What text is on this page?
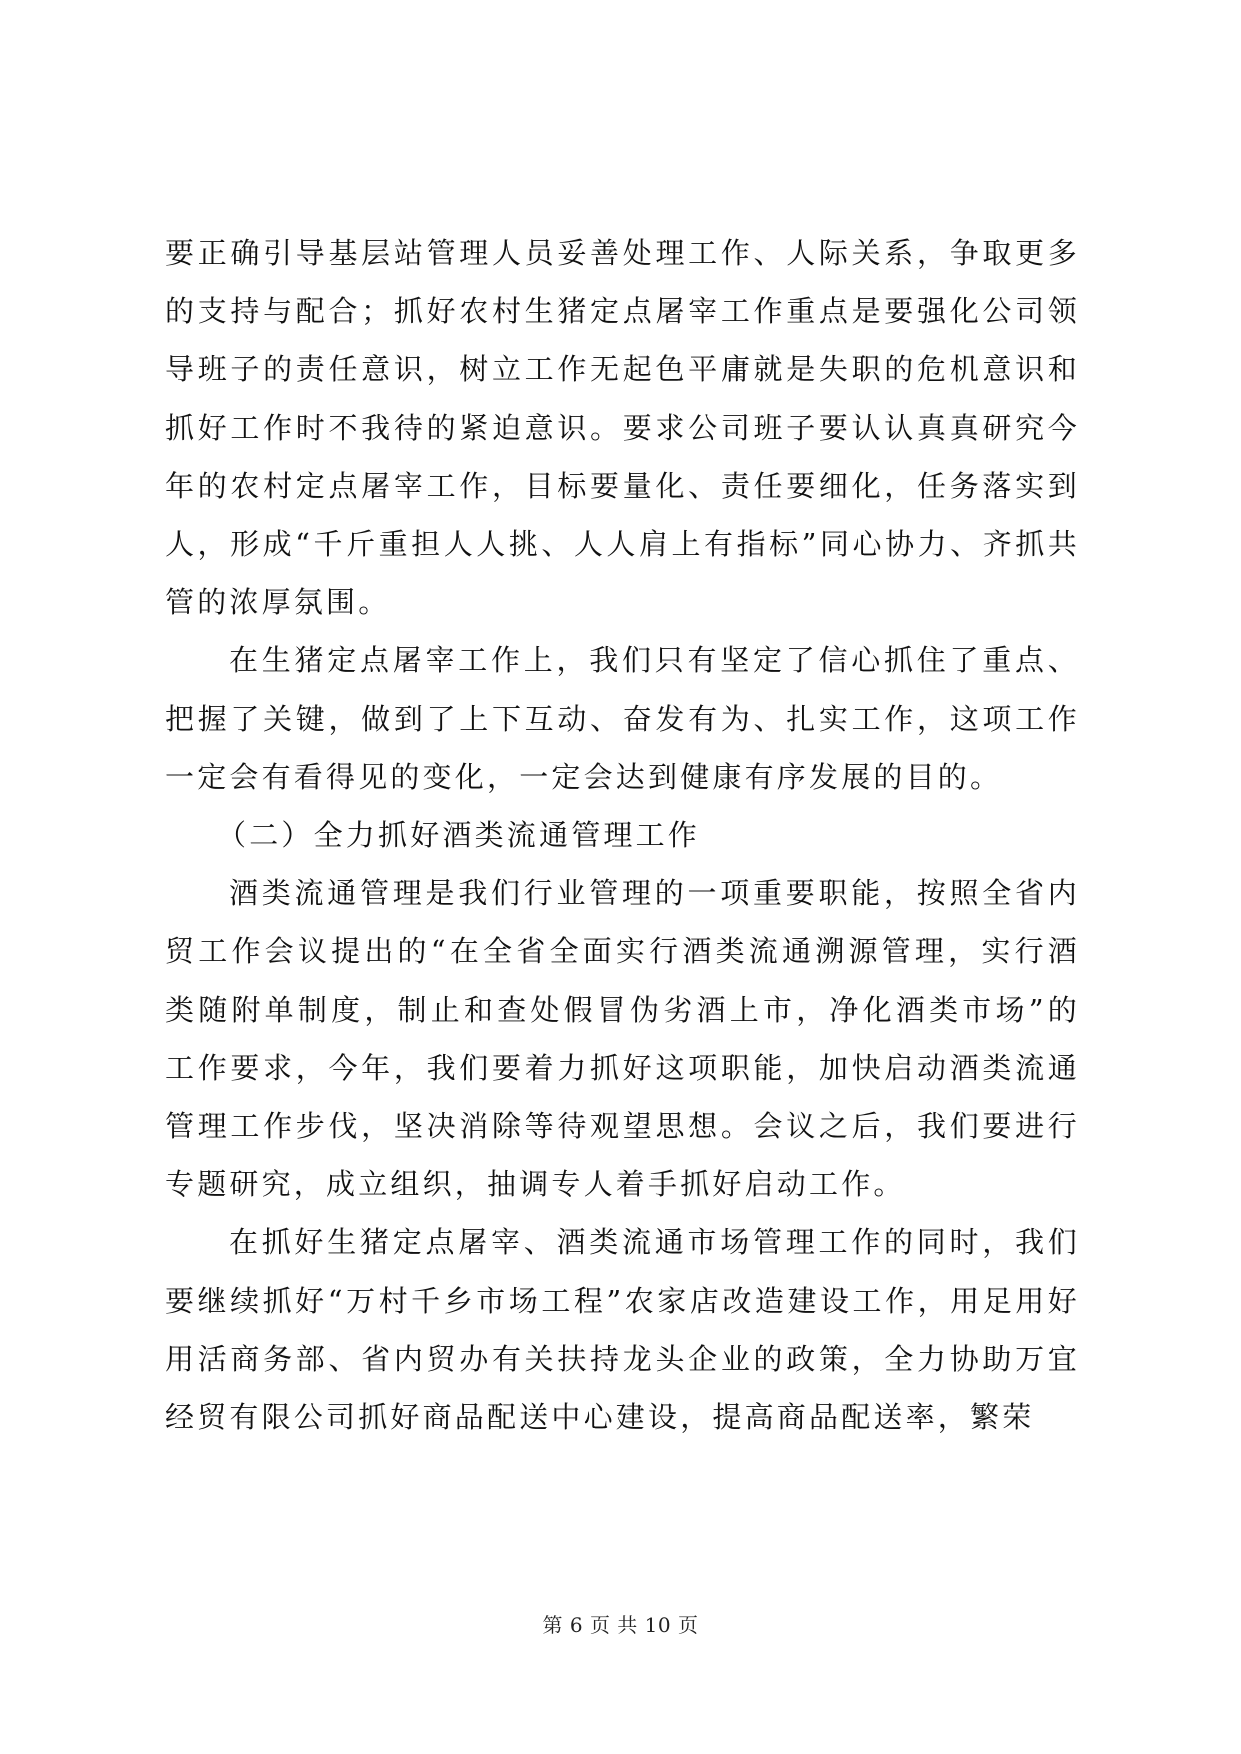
要正确引导基层站管理人员妥善处理工作、人际关系，争取更多的支持与配合；抓好农村生猪定点屠宰工作重点是要强化公司领导班子的责任意识，树立工作无起色平庸就是失职的危机意识和抓好工作时不我待的紧迫意识。要求公司班子要认认真真研究今年的农村定点屠宰工作，目标要量化、责任要细化，任务落实到人，形成“千斤重担人人挑、人人肩上有指标”同心协力、齐抓共管的浓厚氛围。

在生猪定点屠宰工作上，我们只有坚定了信心抓住了重点、把握了关键，做到了上下互动、奋发有为、扎实工作，这项工作一定会有看得见的变化，一定会达到健康有序发展的目的。

（二）全力抓好酒类流通管理工作

酒类流通管理是我们行业管理的一项重要职能，按照全省内贸工作会议提出的“在全省全面实行酒类流通溯源管理，实行酒类随附单制度，制止和查处假冒伪劣酒上市，净化酒类市场”的工作要求，今年，我们要着力抓好这项职能，加快启动酒类流通管理工作步伐，坚决消除等待观望思想。会议之后，我们要进行专题研究，成立组织，抽调专人着手抓好启动工作。

在抓好生猪定点屠宰、酒类流通市场管理工作的同时，我们要继续抓好“万村千乡市场工程”农家店改造建设工作，用足用好用活商务部、省内贸办有关扶持龙头企业的政策，全力协助万宜经贸有限公司抓好商品配送中心建设，提高商品配送率，繁荣

第 6 页 共 10 页
